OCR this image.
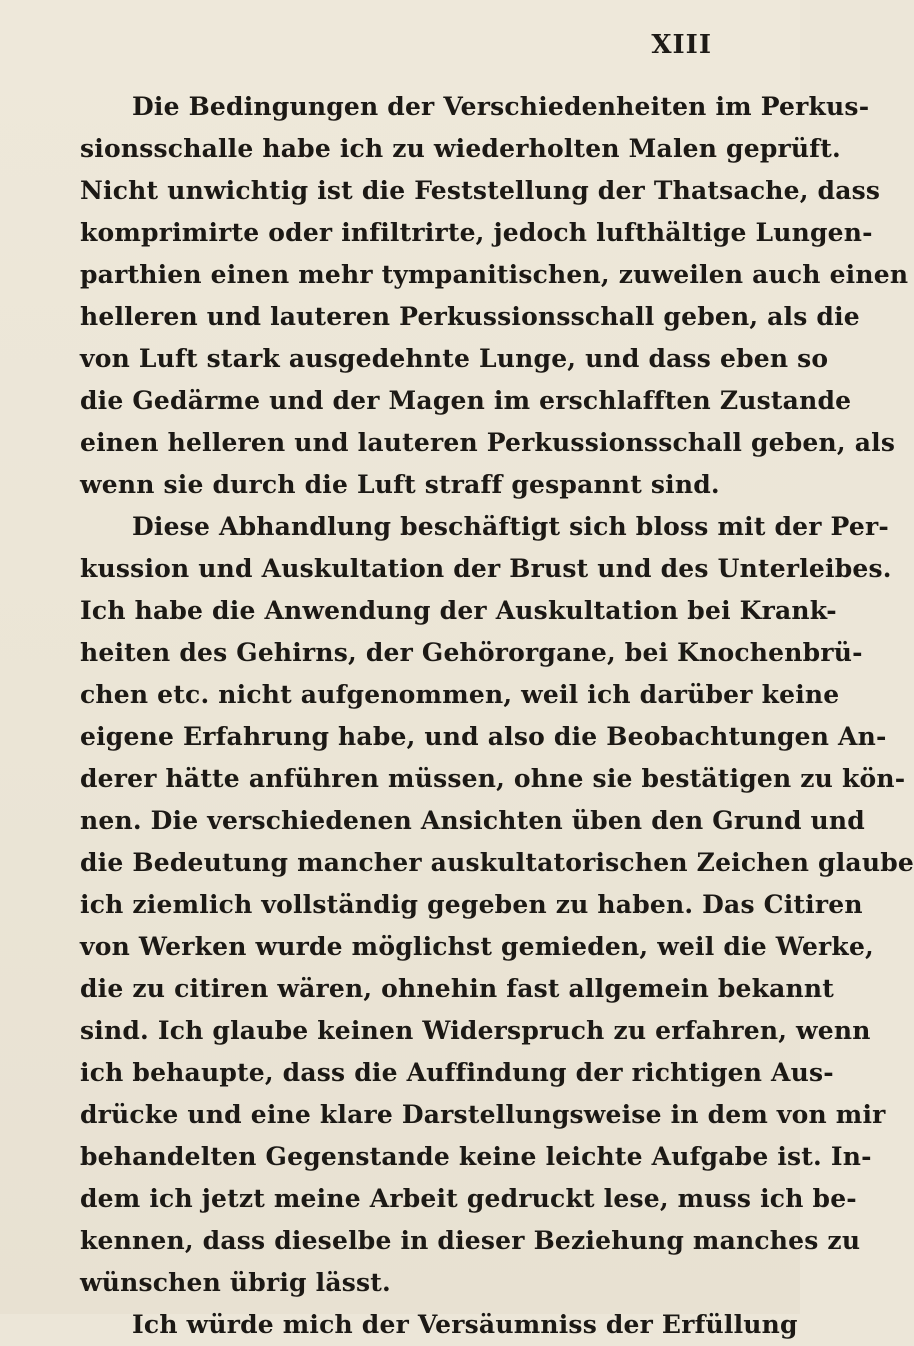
XIII
Die Bedingungen der Verschiedenheiten im Perkus-
sionsschalle habe ich zu wiederholten Malen geprüft.
Nicht unwichtig ist die Feststellung der Thatsache, dass
komprimirte oder infiltrirte, jedoch lufthältige Lungen-
parthien einen mehr tympanitischen, zuweilen auch einen
helleren und lauteren Perkussionsschall geben, als die
von Luft stark ausgedehnte Lunge, und dass eben so
die Gedärme und der Magen im erschlafften Zustande
einen helleren und lauteren Perkussionsschall geben, als
wenn sie durch die Luft straff gespannt sind.
Diese Abhandlung beschäftigt sich bloss mit der Per-
kussion und Auskultation der Brust und des Unterleibes.
Ich habe die Anwendung der Auskultation bei Krank-
heiten des Gehirns, der Gehörorgane, bei Knochenbrü-
chen etc. nicht aufgenommen, weil ich darüber keine
eigene Erfahrung habe, und also die Beobachtungen An-
derer hätte anführen müssen, ohne sie bestätigen zu kön-
nen. Die verschiedenen Ansichten üben den Grund und
die Bedeutung mancher auskultatorischen Zeichen glaube
ich ziemlich vollständig gegeben zu haben. Das Citiren
von Werken wurde möglichst gemieden, weil die Werke,
die zu citiren wären, ohnehin fast allgemein bekannt
sind. Ich glaube keinen Widerspruch zu erfahren, wenn
ich behaupte, dass die Auffindung der richtigen Aus-
drücke und eine klare Darstellungsweise in dem von mir
behandelten Gegenstande keine leichte Aufgabe ist. In-
dem ich jetzt meine Arbeit gedruckt lese, muss ich be-
kennen, dass dieselbe in dieser Beziehung manches zu
wünschen übrig lässt.
Ich würde mich der Versäumniss der Erfüllung
